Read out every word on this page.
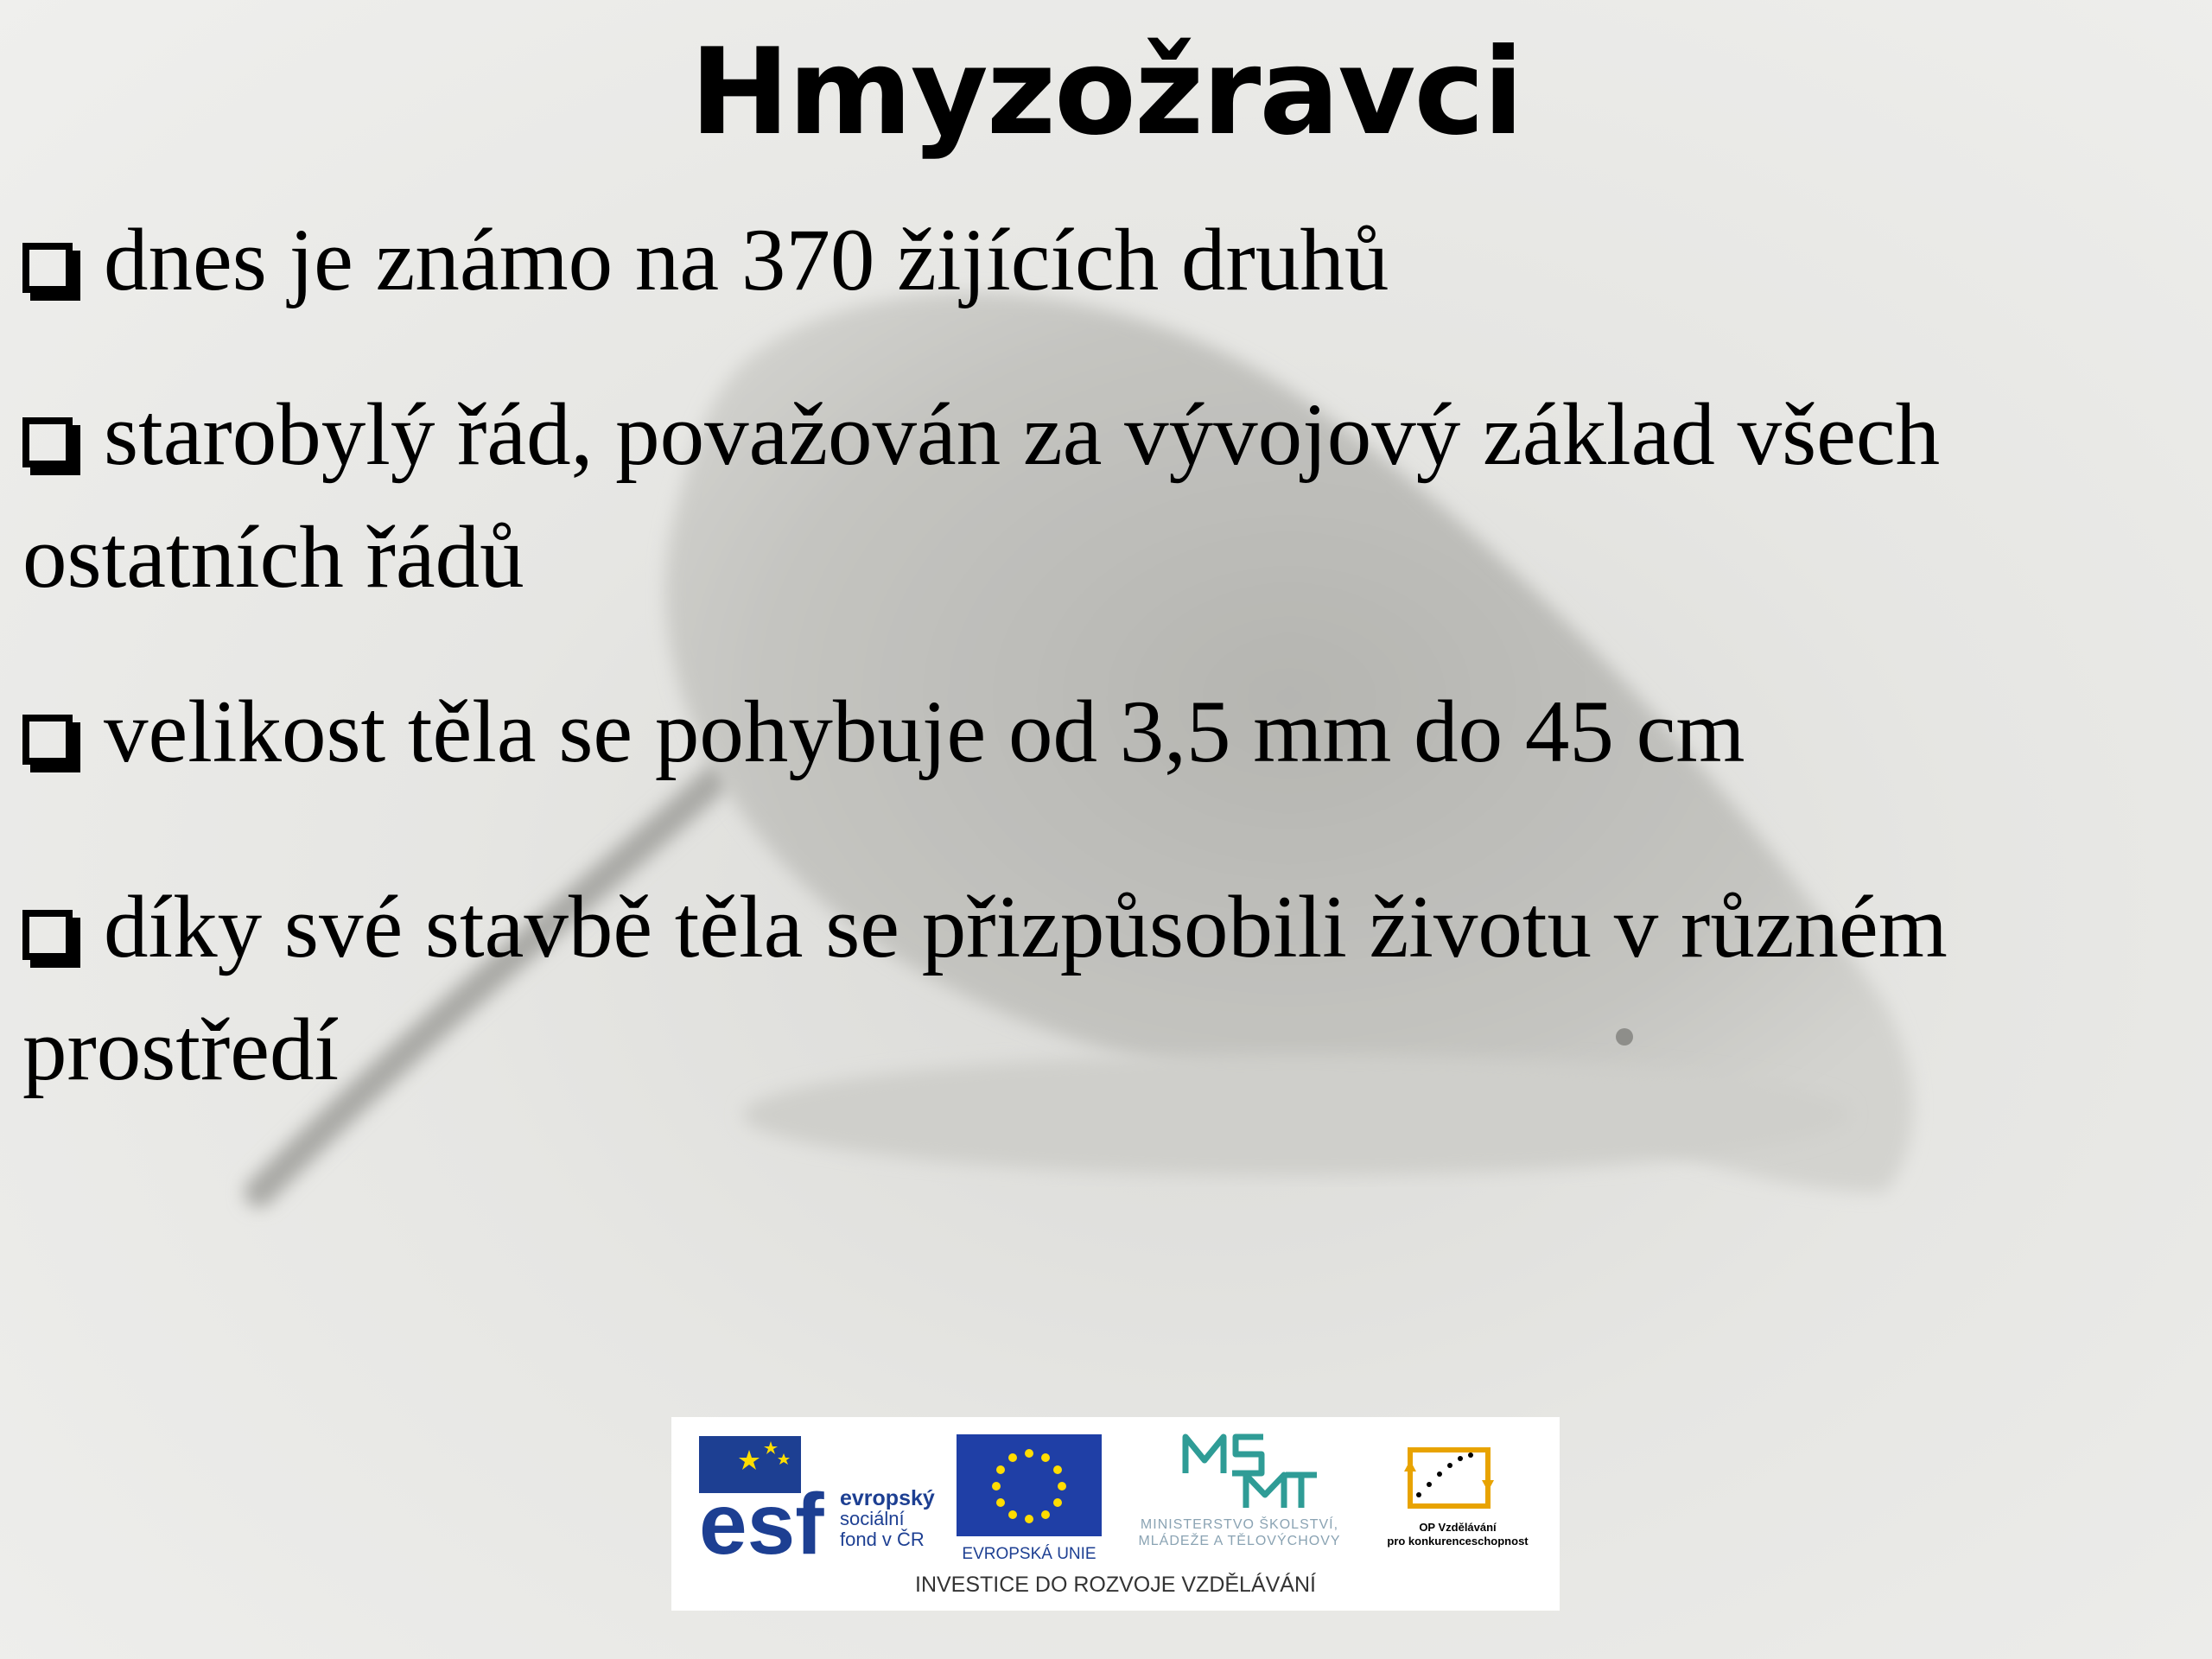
Hmyzožravci
dnes je známo na 370 žijících druhů
starobylý řád, považován za vývojový základ všech ostatních řádů
velikost těla se pohybuje od 3,5 mm do 45 cm
díky své stavbě těla se přizpůsobili životu v různém prostředí
esf evropský
sociální
fond v ČR
EVROPSKÁ UNIE
MINISTERSTVO ŠKOLSTVÍ,
MLÁDEŽE A TĚLOVÝCHOVY
OP Vzdělávání
pro konkurenceschopnost
INVESTICE DO ROZVOJE VZDĚLÁVÁNÍ
